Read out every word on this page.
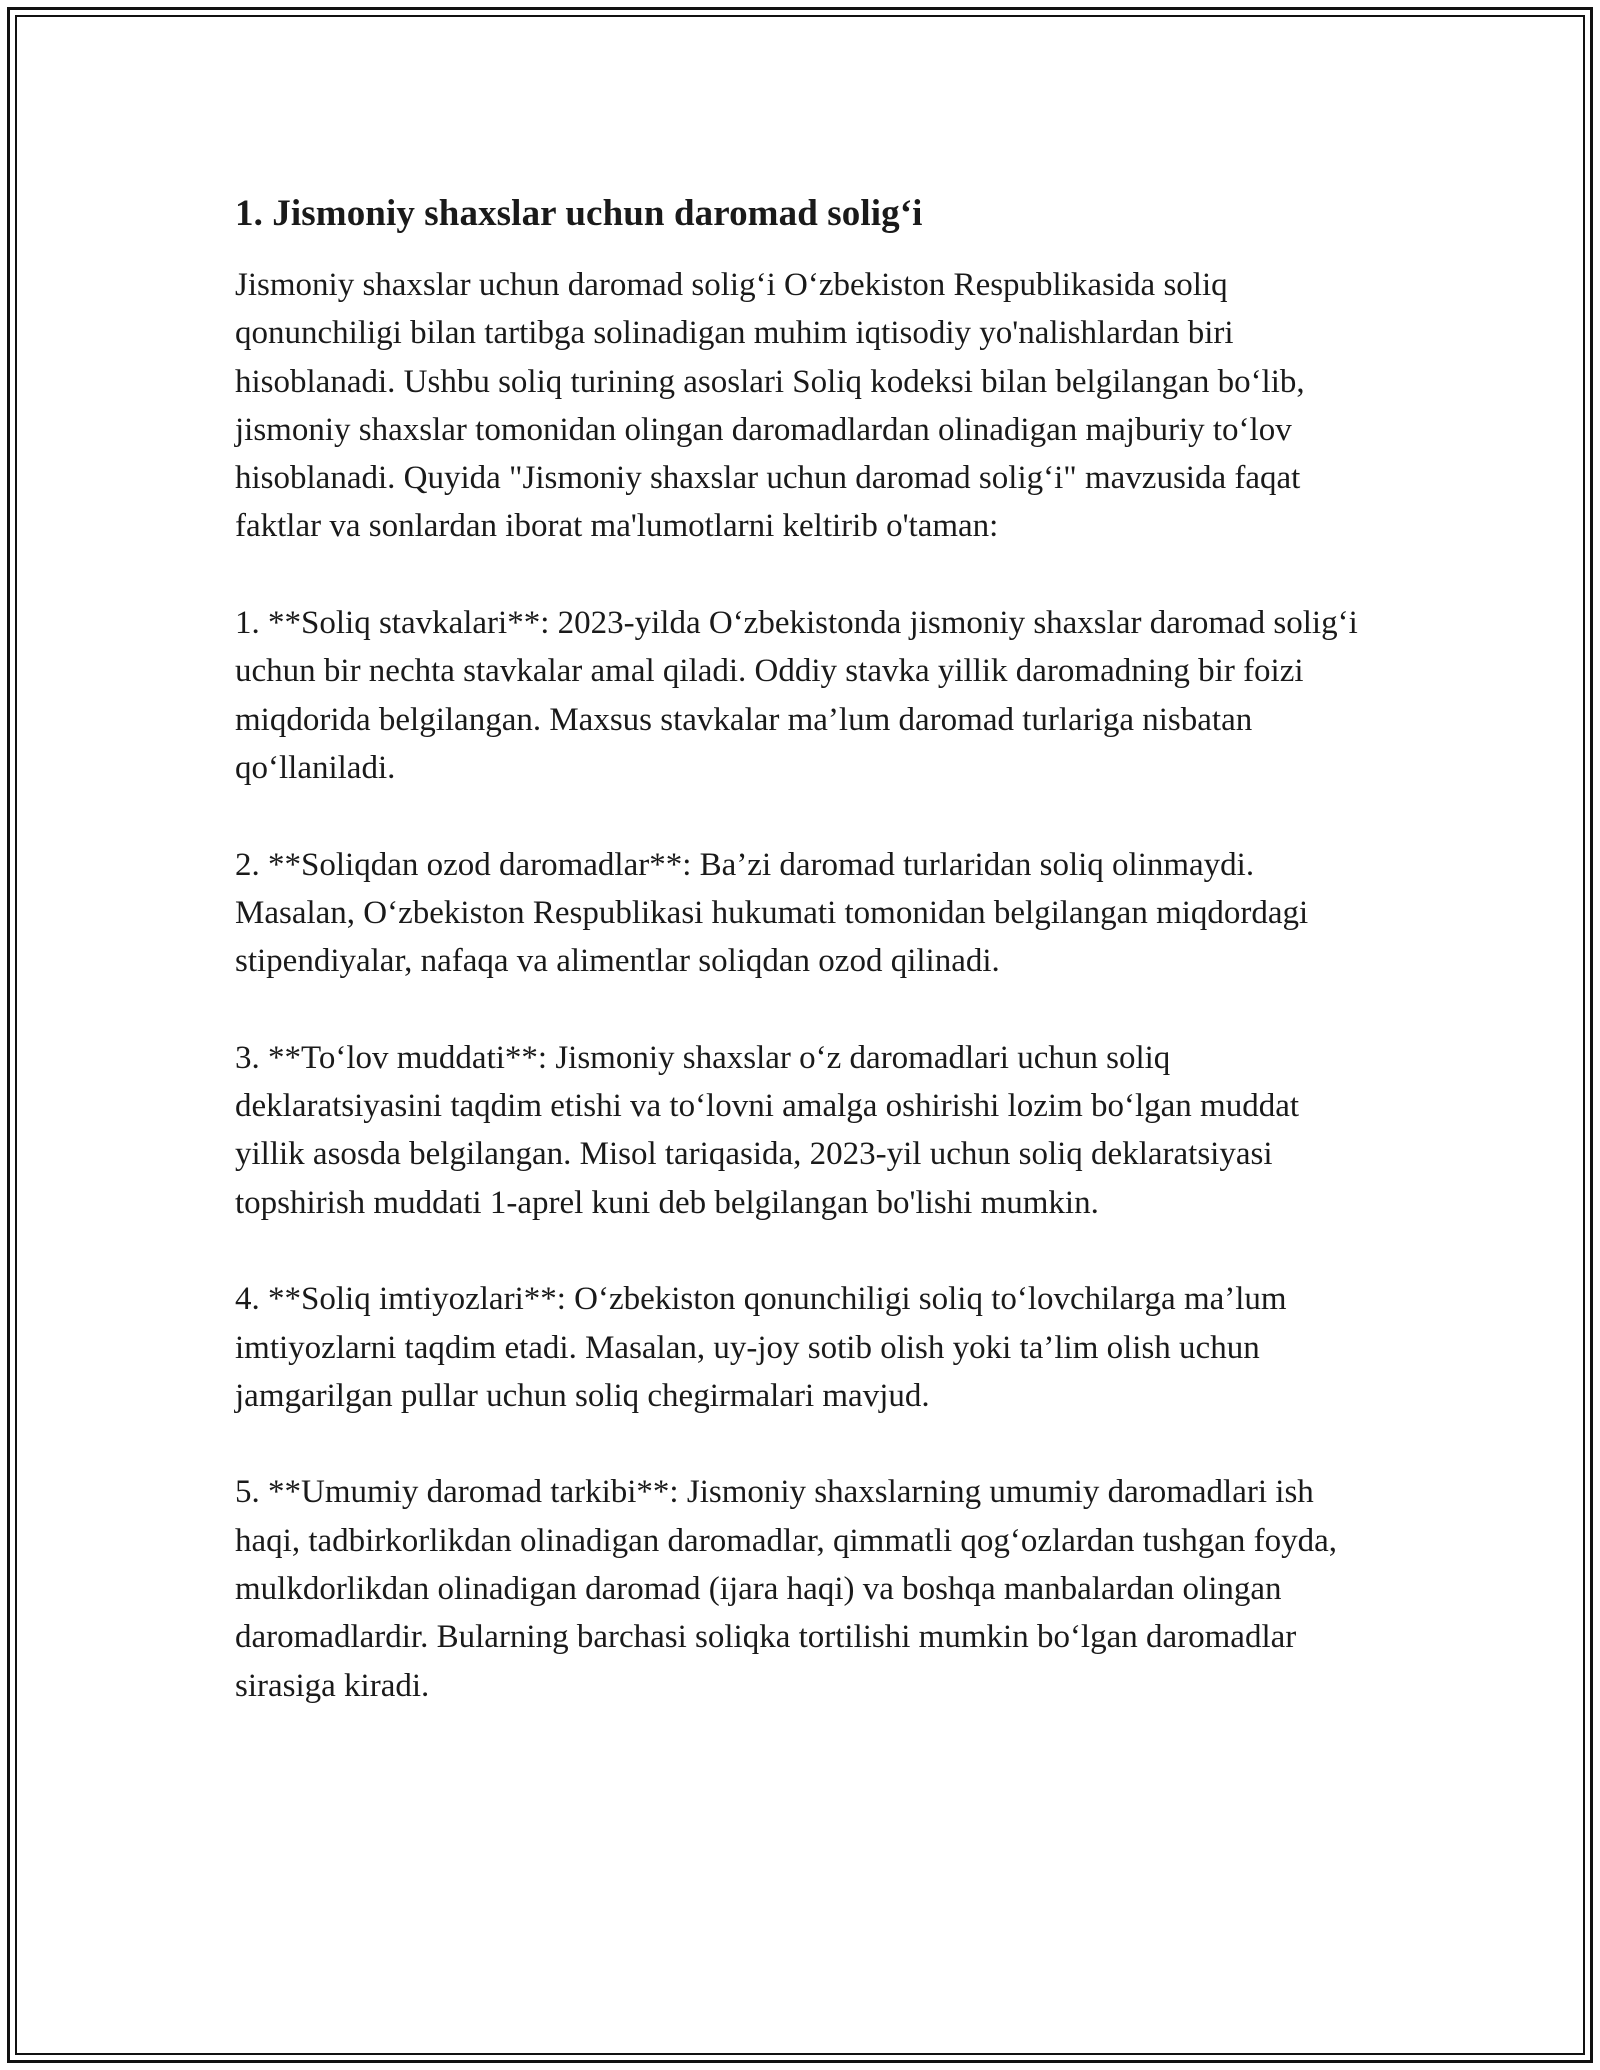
1. Jismoniy shaxslar uchun daromad solig‘i

Jismoniy shaxslar uchun daromad solig‘i O‘zbekiston Respublikasida soliq qonunchiligi bilan tartibga solinadigan muhim iqtisodiy yo'nalishlardan biri hisoblanadi. Ushbu soliq turining asoslari Soliq kodeksi bilan belgilangan bo‘lib, jismoniy shaxslar tomonidan olingan daromadlardan olinadigan majburiy to‘lov hisoblanadi. Quyida "Jismoniy shaxslar uchun daromad solig‘i" mavzusida faqat faktlar va sonlardan iborat ma'lumotlarni keltirib o'taman:

1. **Soliq stavkalari**: 2023-yilda O‘zbekistonda jismoniy shaxslar daromad solig‘i uchun bir nechta stavkalar amal qiladi. Oddiy stavka yillik daromadning bir foizi miqdorida belgilangan. Maxsus stavkalar ma’lum daromad turlariga nisbatan qo‘llaniladi.

2. **Soliqdan ozod daromadlar**: Ba’zi daromad turlaridan soliq olinmaydi. Masalan, O‘zbekiston Respublikasi hukumati tomonidan belgilangan miqdordagi stipendiyalar, nafaqa va alimentlar soliqdan ozod qilinadi.

3. **To‘lov muddati**: Jismoniy shaxslar o‘z daromadlari uchun soliq deklaratsiyasini taqdim etishi va to‘lovni amalga oshirishi lozim bo‘lgan muddat yillik asosda belgilangan. Misol tariqasida, 2023-yil uchun soliq deklaratsiyasi topshirish muddati 1-aprel kuni deb belgilangan bo'lishi mumkin.

4. **Soliq imtiyozlari**: O‘zbekiston qonunchiligi soliq to‘lovchilarga ma’lum imtiyozlarni taqdim etadi. Masalan, uy-joy sotib olish yoki ta’lim olish uchun jamgarilgan pullar uchun soliq chegirmalari mavjud.

5. **Umumiy daromad tarkibi**: Jismoniy shaxslarning umumiy daromadlari ish haqi, tadbirkorlikdan olinadigan daromadlar, qimmatli qog‘ozlardan tushgan foyda, mulkdorlikdan olinadigan daromad (ijara haqi) va boshqa manbalardan olingan daromadlardir. Bularning barchasi soliqka tortilishi mumkin bo‘lgan daromadlar sirasiga kiradi.
